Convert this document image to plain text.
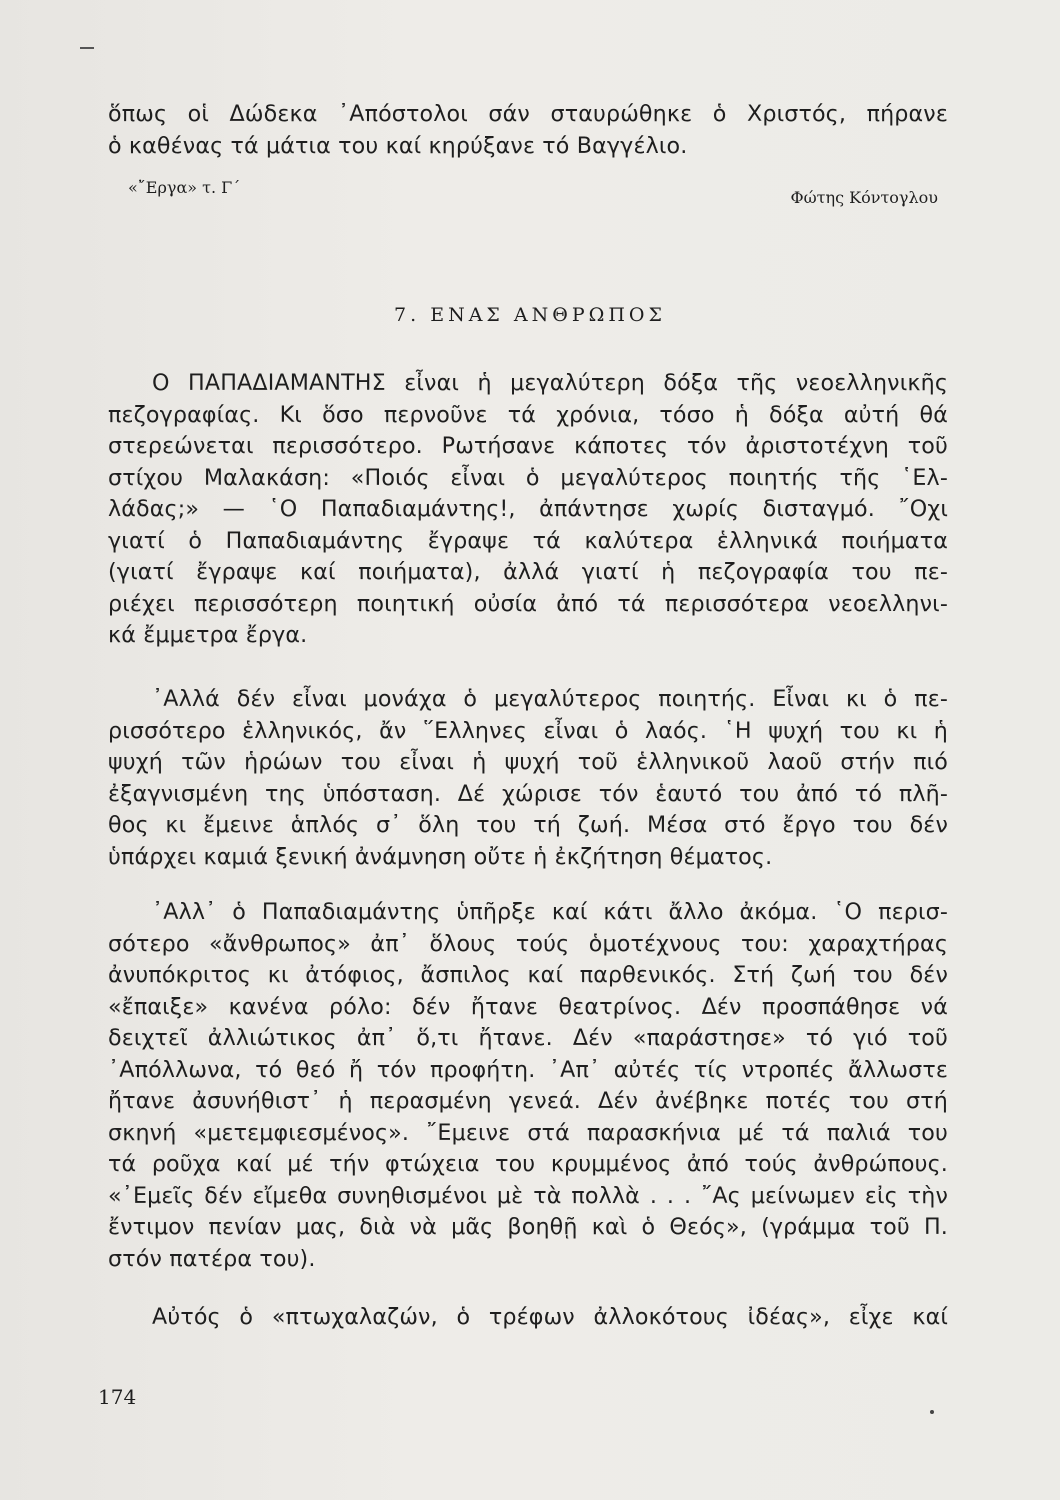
ὅπως οἱ Δώδεκα ᾿Απόστολοι σάν σταυρώθηκε ὁ Χριστός, πήρανε

ὁ καθένας τά μάτια του καί κηρύξανε τό Βαγγέλιο.

«῎Εργα» τ. Γ΄
Φώτης Κόντογλου
7. ΕΝΑΣ ΑΝΘΡΩΠΟΣ

Ο ΠΑΠΑΔΙΑΜΑΝΤΗΣ εἶναι ἡ μεγαλύτερη δόξα τῆς νεοελληνικῆς

πεζογραφίας. Κι ὅσο περνοῦνε τά χρόνια, τόσο ἡ δόξα αὐτή θά

στερεώνεται περισσότερο. Ρωτήσανε κάποτες τόν ἀριστοτέχνη τοῦ

στίχου Μαλακάση: «Ποιός εἶναι ὁ μεγαλύτερος ποιητής τῆς ῾Ελ-

λάδας;» — ῾Ο Παπαδιαμάντης!, ἀπάντησε χωρίς δισταγμό. ῎Οχι

γιατί ὁ Παπαδιαμάντης ἔγραψε τά καλύτερα ἑλληνικά ποιήματα

(γιατί ἔγραψε καί ποιήματα), ἀλλά γιατί ἡ πεζογραφία του πε-

ριέχει περισσότερη ποιητική οὐσία ἀπό τά περισσότερα νεοελληνι-

κά ἔμμετρα ἔργα.

᾿Αλλά δέν εἶναι μονάχα ὁ μεγαλύτερος ποιητής. Εἶναι κι ὁ πε-

ρισσότερο ἑλληνικός, ἄν ῞Ελληνες εἶναι ὁ λαός. ῾Η ψυχή του κι ἡ

ψυχή τῶν ἡρώων του εἶναι ἡ ψυχή τοῦ ἑλληνικοῦ λαοῦ στήν πιό

ἐξαγνισμένη της ὑπόσταση. Δέ χώρισε τόν ἑαυτό του ἀπό τό πλῆ-

θος κι ἔμεινε ἁπλός σ᾿ ὅλη του τή ζωή. Μέσα στό ἔργο του δέν

ὑπάρχει καμιά ξενική ἀνάμνηση οὔτε ἡ ἐκζήτηση θέματος.

᾿Αλλ᾿ ὁ Παπαδιαμάντης ὑπῆρξε καί κάτι ἄλλο ἀκόμα. ῾Ο περισ-

σότερο «ἄνθρωπος» ἀπ᾿ ὅλους τούς ὁμοτέχνους του: χαραχτήρας

ἀνυπόκριτος κι ἀτόφιος, ἄσπιλος καί παρθενικός. Στή ζωή του δέν

«ἔπαιξε» κανένα ρόλο: δέν ἤτανε θεατρίνος. Δέν προσπάθησε νά

δειχτεῖ ἀλλιώτικος ἀπ᾿ ὅ,τι ἤτανε. Δέν «παράστησε» τό γιό τοῦ

᾿Απόλλωνα, τό θεό ἤ τόν προφήτη. ᾿Απ᾿ αὐτές τίς ντροπές ἄλλωστε

ἤτανε ἀσυνήθιστ᾿ ἡ περασμένη γενεά. Δέν ἀνέβηκε ποτές του στή

σκηνή «μετεμφιεσμένος». ῎Εμεινε στά παρασκήνια μέ τά παλιά του

τά ροῦχα καί μέ τήν φτώχεια του κρυμμένος ἀπό τούς ἀνθρώπους.

«᾿Εμεῖς δέν εἴμεθα συνηθισμένοι μὲ τὰ πολλὰ . . . ῎Ας μείνωμεν εἰς τὴν

ἔντιμον πενίαν μας, διὰ νὰ μᾶς βοηθῇ καὶ ὁ Θεός», (γράμμα τοῦ Π.

στόν πατέρα του).

Αὐτός ὁ «πτωχαλαζών, ὁ τρέφων ἀλλοκότους ἰδέας», εἶχε καί

174
